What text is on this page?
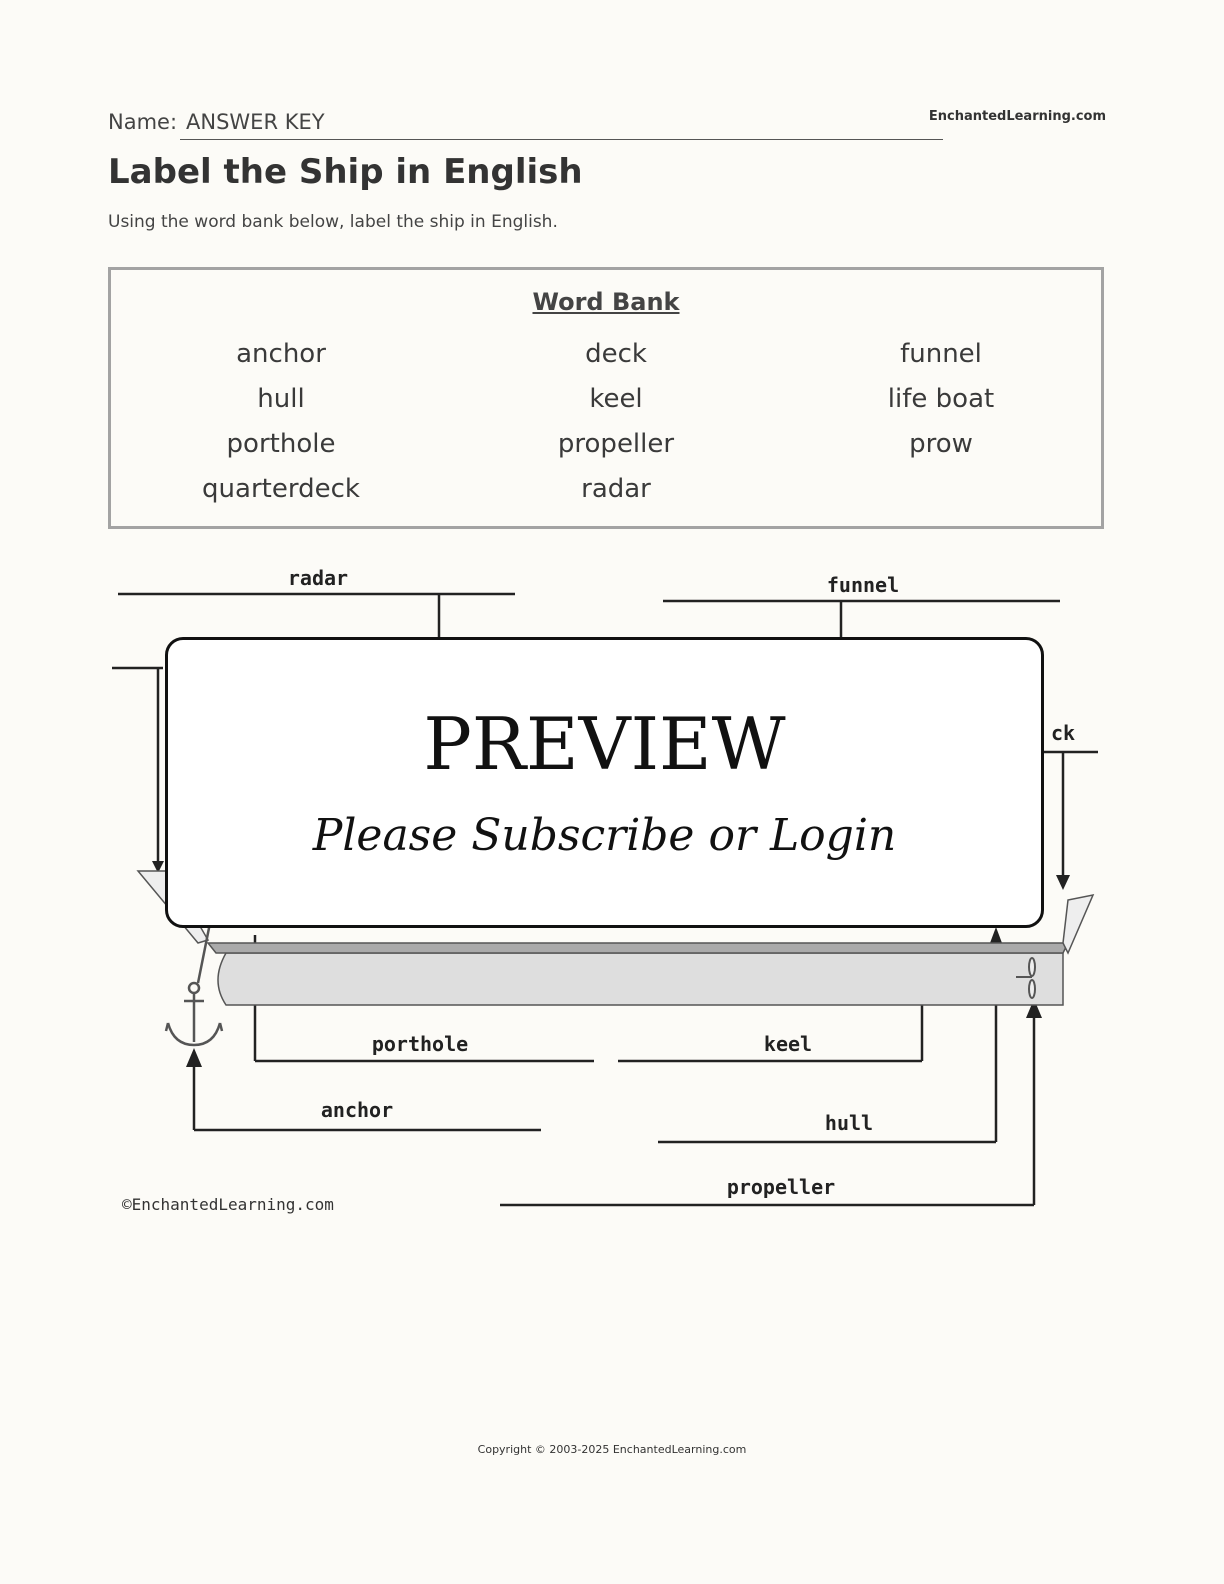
Name: ANSWER KEY	EnchantedLearning.com
Label the Ship in English
Using the word bank below, label the ship in English.
Word Bank
anchor	deck	funnel
hull	keel	life boat
porthole	propeller	prow
quarterdeck	radar
radar	funnel
ck
porthole	keel
anchor
hull
propeller
©EnchantedLearning.com
PREVIEW
Please Subscribe or Login
Copyright © 2003-2025 EnchantedLearning.com
